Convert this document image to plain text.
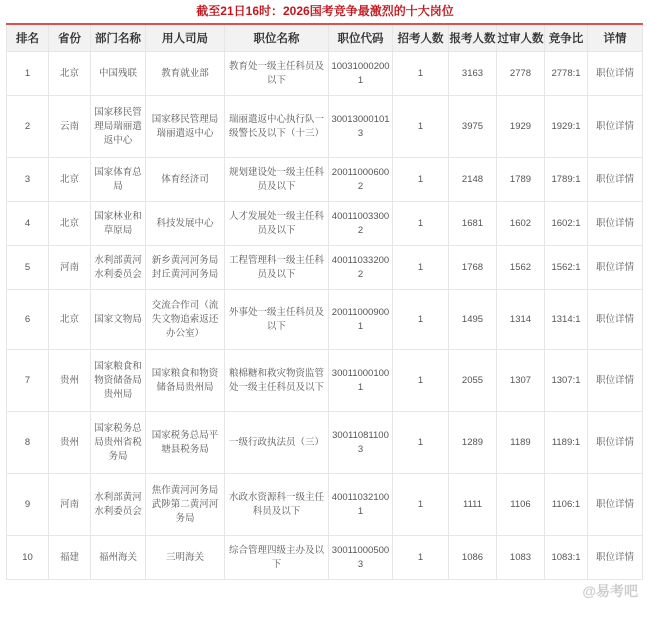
截至21日16时：2026国考竞争最激烈的十大岗位
排名	省份	部门名称	用人司局	职位名称	职位代码	招考人数	报考人数	过审人数	竞争比	详情
1	北京	中国残联	教育就业部	教育处一级主任科员及以下	100310002001	1	3163	2778	2778:1	职位详情
2	云南	国家移民管理局瑞丽遣返中心	国家移民管理局瑞丽遣返中心	瑞丽遣返中心执行队一级警长及以下（十三）	300130001013	1	3975	1929	1929:1	职位详情
3	北京	国家体育总局	体育经济司	规划建设处一级主任科员及以下	200110006002	1	2148	1789	1789:1	职位详情
4	北京	国家林业和草原局	科技发展中心	人才发展处一级主任科员及以下	400110033002	1	1681	1602	1602:1	职位详情
5	河南	水利部黄河水利委员会	新乡黄河河务局封丘黄河河务局	工程管理科一级主任科员及以下	400110332002	1	1768	1562	1562:1	职位详情
6	北京	国家文物局	交流合作司（流失文物追索返还办公室）	外事处一级主任科员及以下	200110009001	1	1495	1314	1314:1	职位详情
7	贵州	国家粮食和物资储备局贵州局	国家粮食和物资储备局贵州局	粮棉糖和救灾物资监管处一级主任科员及以下	300110001001	1	2055	1307	1307:1	职位详情
8	贵州	国家税务总局贵州省税务局	国家税务总局平塘县税务局	一级行政执法员（三）	300110811003	1	1289	1189	1189:1	职位详情
9	河南	水利部黄河水利委员会	焦作黄河河务局武陟第二黄河河务局	水政水资源科一级主任科员及以下	400110321001	1	1111	1106	1106:1	职位详情
10	福建	福州海关	三明海关	综合管理四级主办及以下	300110005003	1	1086	1083	1083:1	职位详情
@易考吧
